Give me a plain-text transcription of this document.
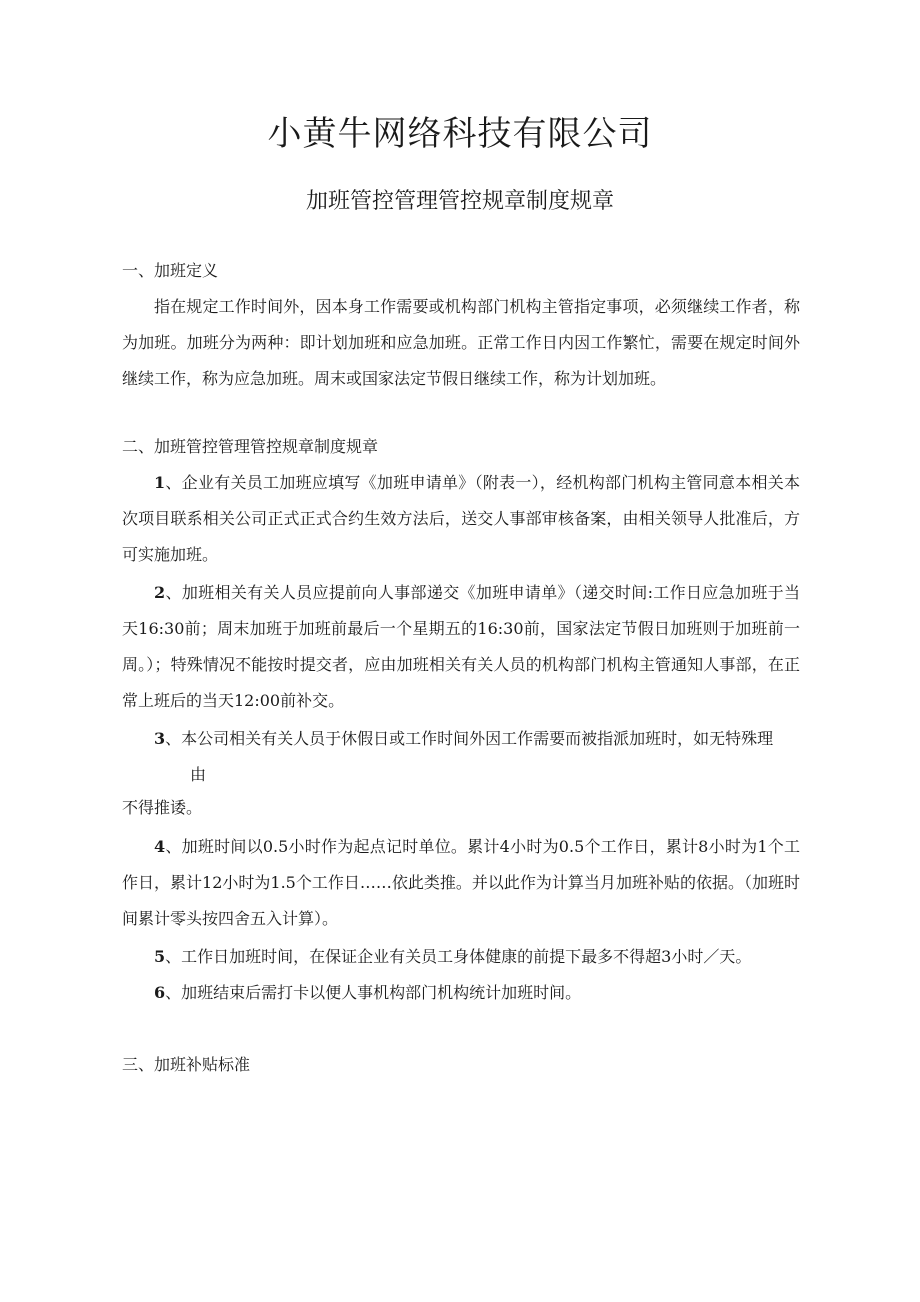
小黄牛网络科技有限公司
加班管控管理管控规章制度规章

一、加班定义

指在规定工作时间外，因本身工作需要或机构部门机构主管指定事项，必须继续工作者，称为加班。加班分为两种：即计划加班和应急加班。正常工作日内因工作繁忙，需要在规定时间外继续工作，称为应急加班。周末或国家法定节假日继续工作，称为计划加班。

二、加班管控管理管控规章制度规章

1、企业有关员工加班应填写《加班申请单》（附表一），经机构部门机构主管同意本相关本次项目联系相关公司正式正式合约生效方法后，送交人事部审核备案，由相关领导人批准后，方可实施加班。

2、加班相关有关人员应提前向人事部递交《加班申请单》（递交时间:工作日应急加班于当天16:30前；周末加班于加班前最后一个星期五的16:30前，国家法定节假日加班则于加班前一周。）；特殊情况不能按时提交者，应由加班相关有关人员的机构部门机构主管通知人事部，在正常上班后的当天12:00前补交。

3、本公司相关有关人员于休假日或工作时间外因工作需要而被指派加班时，如无特殊理

由

不得推诿。

4、加班时间以0.5小时作为起点记时单位。累计4小时为0.5个工作日，累计8小时为1个工作日，累计12小时为1.5个工作日……依此类推。并以此作为计算当月加班补贴的依据。（加班时间累计零头按四舍五入计算）。

5、工作日加班时间，在保证企业有关员工身体健康的前提下最多不得超3小时／天。

6、加班结束后需打卡以便人事机构部门机构统计加班时间。

三、加班补贴标准
